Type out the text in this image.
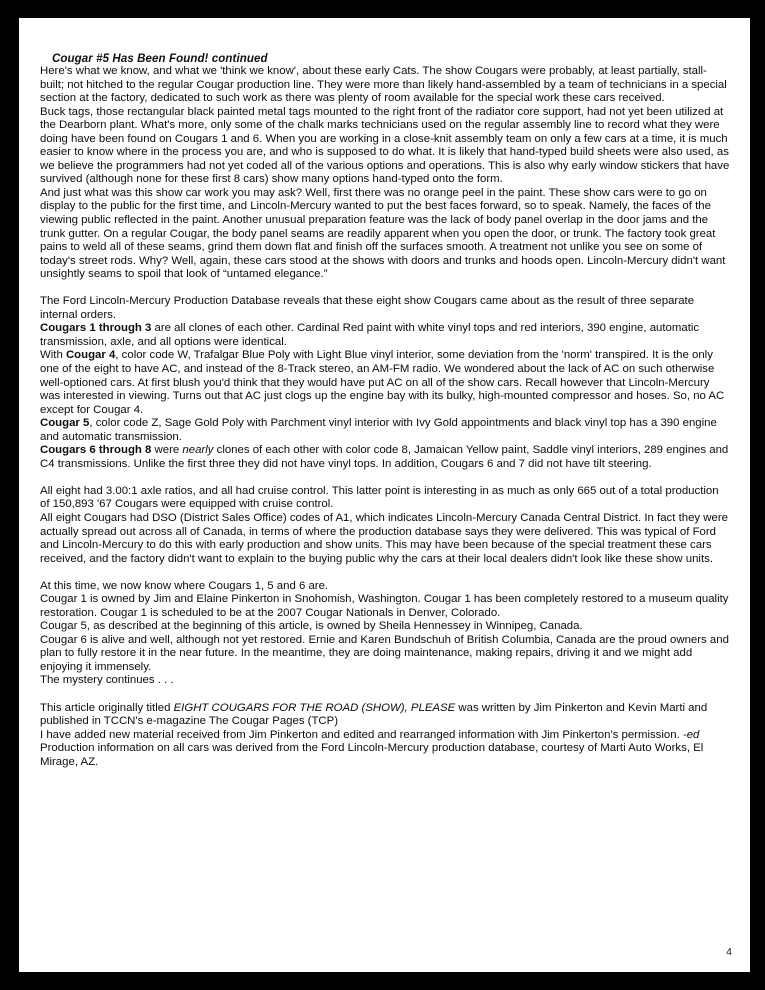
Cougar #5 Has Been Found! continued

Here's what we know, and what we 'think we know', about these early Cats. The show Cougars were probably, at least partially, stall-built; not hitched to the regular Cougar production line. They were more than likely hand-assembled by a team of technicians in a special section at the factory, dedicated to such work as there was plenty of room available for the special work these cars received.

Buck tags, those rectangular black painted metal tags mounted to the right front of the radiator core support, had not yet been utilized at the Dearborn plant. What's more, only some of the chalk marks technicians used on the regular assembly line to record what they were doing have been found on Cougars 1 and 6. When you are working in a close-knit assembly team on only a few cars at a time, it is much easier to know where in the process you are, and who is supposed to do what. It is likely that hand-typed build sheets were also used, as we believe the programmers had not yet coded all of the various options and operations. This is also why early window stickers that have survived (although none for these first 8 cars) show many options hand-typed onto the form.

And just what was this show car work you may ask? Well, first there was no orange peel in the paint. These show cars were to go on display to the public for the first time, and Lincoln-Mercury wanted to put the best faces forward, so to speak. Namely, the faces of the viewing public reflected in the paint. Another unusual preparation feature was the lack of body panel overlap in the door jams and the trunk gutter. On a regular Cougar, the body panel seams are readily apparent when you open the door, or trunk. The factory took great pains to weld all of these seams, grind them down flat and finish off the surfaces smooth. A treatment not unlike you see on some of today's street rods. Why? Well, again, these cars stood at the shows with doors and trunks and hoods open. Lincoln-Mercury didn't want unsightly seams to spoil that look of “untamed elegance.”

The Ford Lincoln-Mercury Production Database reveals that these eight show Cougars came about as the result of three separate internal orders.

Cougars 1 through 3 are all clones of each other. Cardinal Red paint with white vinyl tops and red interiors, 390 engine, automatic transmission, axle, and all options were identical.

With Cougar 4, color code W, Trafalgar Blue Poly with Light Blue vinyl interior, some deviation from the 'norm' transpired. It is the only one of the eight to have AC, and instead of the 8-Track stereo, an AM-FM radio. We wondered about the lack of AC on such otherwise well-optioned cars. At first blush you'd think that they would have put AC on all of the show cars. Recall however that Lincoln-Mercury was interested in viewing. Turns out that AC just clogs up the engine bay with its bulky, high-mounted compressor and hoses. So, no AC except for Cougar 4.

Cougar 5, color code Z, Sage Gold Poly with Parchment vinyl interior with Ivy Gold appointments and black vinyl top has a 390 engine and automatic transmission.

Cougars 6 through 8 were nearly clones of each other with color code 8, Jamaican Yellow paint, Saddle vinyl interiors, 289 engines and C4 transmissions. Unlike the first three they did not have vinyl tops. In addition, Cougars 6 and 7 did not have tilt steering.

All eight had 3.00:1 axle ratios, and all had cruise control. This latter point is interesting in as much as only 665 out of a total production of 150,893 '67 Cougars were equipped with cruise control.

All eight Cougars had DSO (District Sales Office) codes of A1, which indicates Lincoln-Mercury Canada Central District. In fact they were actually spread out across all of Canada, in terms of where the production database says they were delivered. This was typical of Ford and Lincoln-Mercury to do this with early production and show units. This may have been because of the special treatment these cars received, and the factory didn't want to explain to the buying public why the cars at their local dealers didn't look like these show units.

At this time, we now know where Cougars 1, 5 and 6 are.

Cougar 1 is owned by Jim and Elaine Pinkerton in Snohomish, Washington. Cougar 1 has been completely restored to a museum quality restoration. Cougar 1 is scheduled to be at the 2007 Cougar Nationals in Denver, Colorado.

Cougar 5, as described at the beginning of this article, is owned by Sheila Hennessey in Winnipeg, Canada.

Cougar 6 is alive and well, although not yet restored. Ernie and Karen Bundschuh of British Columbia, Canada are the proud owners and plan to fully restore it in the near future. In the meantime, they are doing maintenance, making repairs, driving it and we might add enjoying it immensely.

The mystery continues . . .

This article originally titled EIGHT COUGARS FOR THE ROAD (SHOW), PLEASE was written by Jim Pinkerton and Kevin Marti and published in TCCN's e-magazine The Cougar Pages (TCP)

I have added new material received from Jim Pinkerton and edited and rearranged information with Jim Pinkerton's permission. -ed

Production information on all cars was derived from the Ford Lincoln-Mercury production database, courtesy of Marti Auto Works, El Mirage, AZ.

4
